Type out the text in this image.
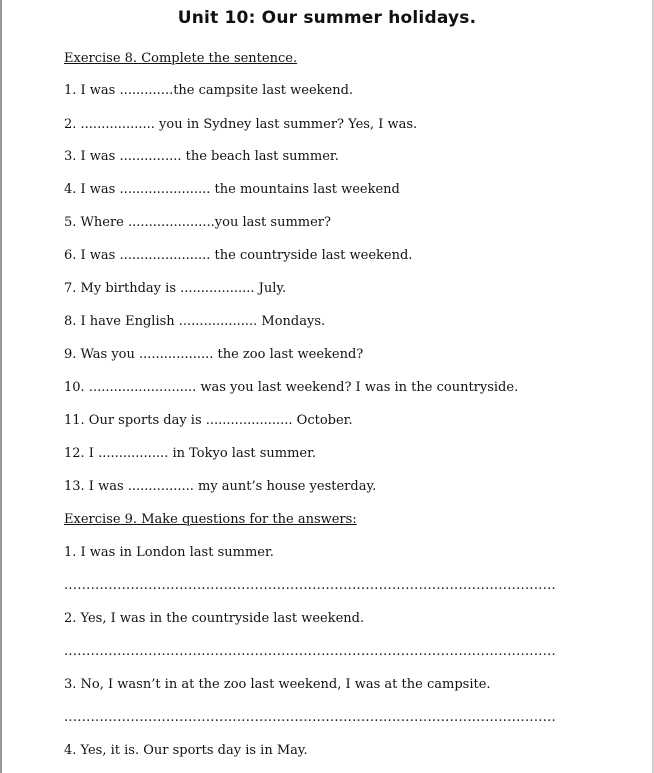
Unit 10: Our summer holidays.
Exercise 8. Complete the sentence.
1. I was .............the campsite last weekend.
2. .................. you in Sydney last summer? Yes, I was.
3. I was ............... the beach last summer.
4. I was ...................... the mountains last weekend
5. Where .....................you last summer?
6. I was ...................... the countryside last weekend.
7. My birthday is .................. July.
8. I have English ................... Mondays.
9. Was you .................. the zoo last weekend?
10. .......................... was you last weekend? I was in the countryside.
11. Our sports day is ..................... October.
12. I ................. in Tokyo last summer.
13. I was ................ my aunt’s house yesterday.
Exercise 9. Make questions for the answers:
1. I was in London last summer.
...............................................................................................................
2. Yes, I was in the countryside last weekend.
...............................................................................................................
3. No, I wasn’t in at the zoo last weekend, I was at the campsite.
...............................................................................................................
4. Yes, it is. Our sports day is in May.
